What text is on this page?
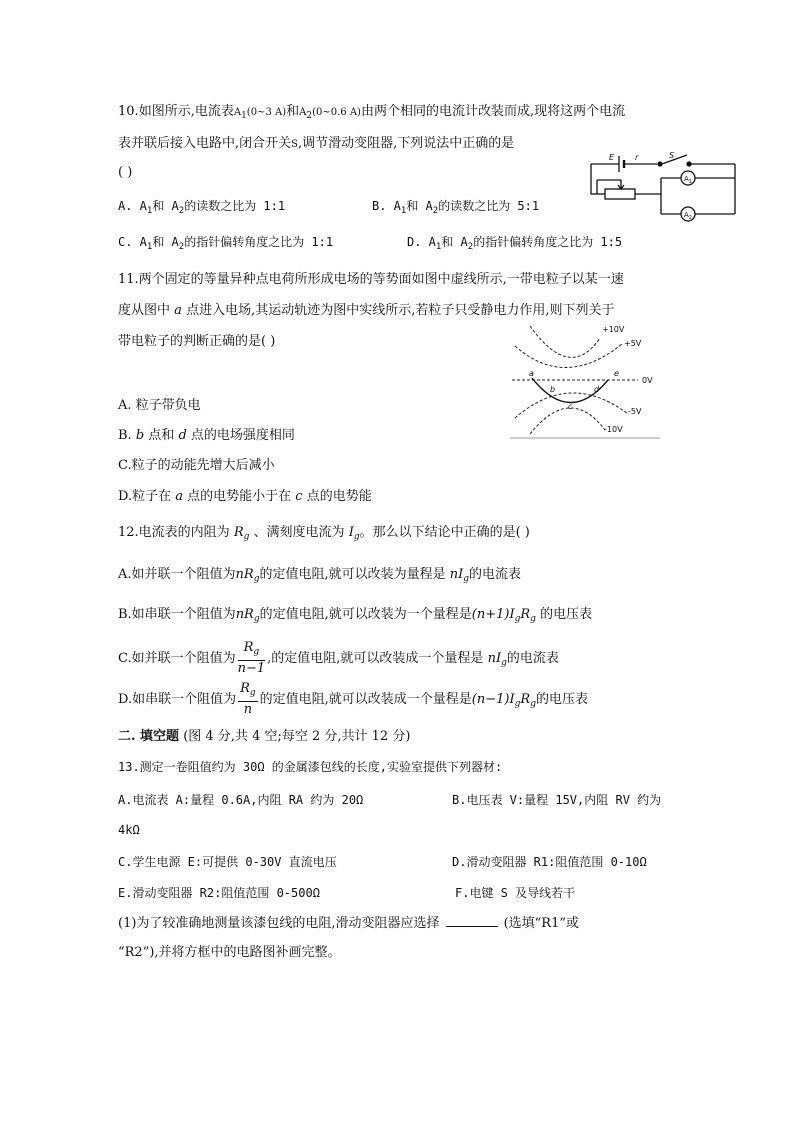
10.如图所示,电流表$A_1(0\sim 3$ A)和$A_2(0\sim 0.6$ A)由两个相同的电流计改装而成,现将这两个电流
表并联后接入电路中,闭合开关S,调节滑动变阻器,下列说法中正确的是
( )
A. $A_1$和 $A_2$的读数之比为 1:1	B. $A_1$和 $A_2$的读数之比为 5:1
C. $A_1$和 $A_2$的指针偏转角度之比为 1:1	D. $A_1$和 $A_2$的指针偏转角度之比为 1:5
E	r	S
$A_1$
$A_2$
11.两个固定的等量异种点电荷所形成电场的等势面如图中虚线所示,一带电粒子以某一速
度从图中 a 点进入电场,其运动轨迹为图中实线所示,若粒子只受静电力作用,则下列关于
带电粒子的判断正确的是( )
A. 粒子带负电
B. b 点和 d 点的电场强度相同
C.粒子的动能先增大后减小
D.粒子在 a 点的电势能小于在 c 点的电势能
+10V
+5V
0V
-5V
-10V
a
b
c
d
e
12.电流表的内阻为 $R_g$ 、满刻度电流为 $I_g$。那么以下结论中正确的是( )
A.如并联一个阻值为$nR_g$的定值电阻,就可以改装为量程是 $nI_g$的电流表
B.如串联一个阻值为$nR_g$的定值电阻,就可以改装为一个量程是$(n+1)I_gR_g$ 的电压表
C.如并联一个阻值为 $\frac{R_g}{n-1}$ ,的定值电阻,就可以改装成一个量程是 $nI_g$的电流表
D.如串联一个阻值为 $\frac{R_g}{n}$ 的定值电阻,就可以改装成一个量程是$(n-1)I_gR_g$的电压表
二. 填空题 (图 4 分,共 4 空;每空 2 分,共计 12 分)
13.测定一卷阻值约为 30Ω 的金属漆包线的长度,实验室提供下列器材:
A.电流表 A:量程 0.6A,内阻 RA 约为 20Ω	B.电压表 V:量程 15V,内阻 RV 约为
4kΩ
C.学生电源 E:可提供 0-30V 直流电压	D.滑动变阻器 R1:阻值范围 0-10Ω
E.滑动变阻器 R2:阻值范围 0-500Ω	F.电键 S 及导线若干
(1)为了较准确地测量该漆包线的电阻,滑动变阻器应选择	(选填“R1”或
“R2”),并将方框中的电路图补画完整。
